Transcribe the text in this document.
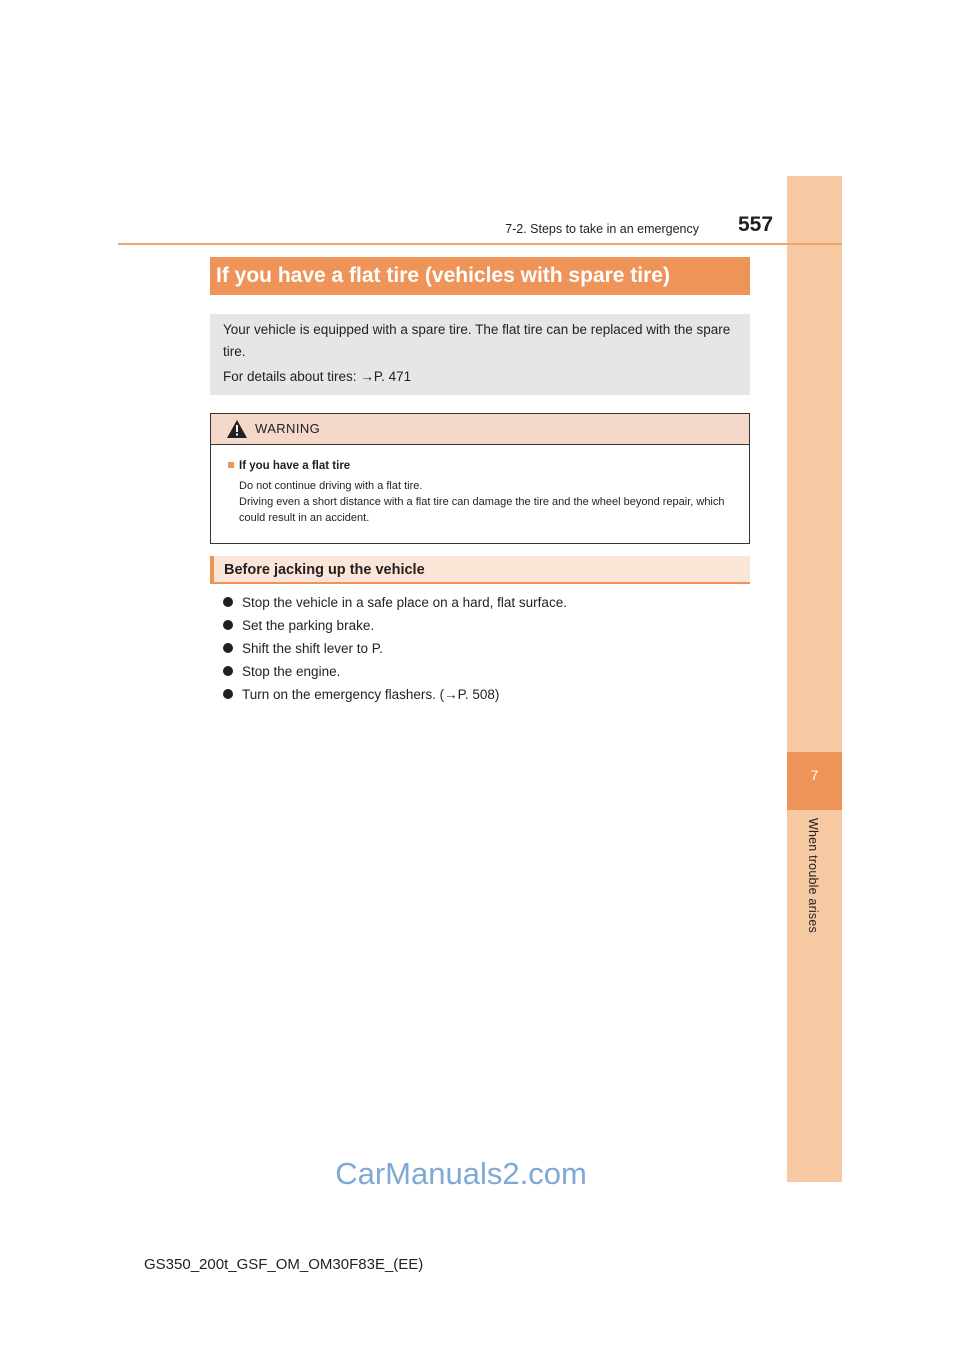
7
When trouble arises
7-2. Steps to take in an emergency 557
If you have a flat tire (vehicles with spare tire)

Your vehicle is equipped with a spare tire. The flat tire can be replaced with the spare tire.

For details about tires: →P. 471

WARNING
If you have a flat tire

Do not continue driving with a flat tire.

Driving even a short distance with a flat tire can damage the tire and the wheel beyond repair, which could result in an accident.

Before jacking up the vehicle
Stop the vehicle in a safe place on a hard, flat surface.
Set the parking brake.
Shift the shift lever to P.
Stop the engine.
Turn on the emergency flashers. (→P. 508)
CarManuals2.com
GS350_200t_GSF_OM_OM30F83E_(EE)
